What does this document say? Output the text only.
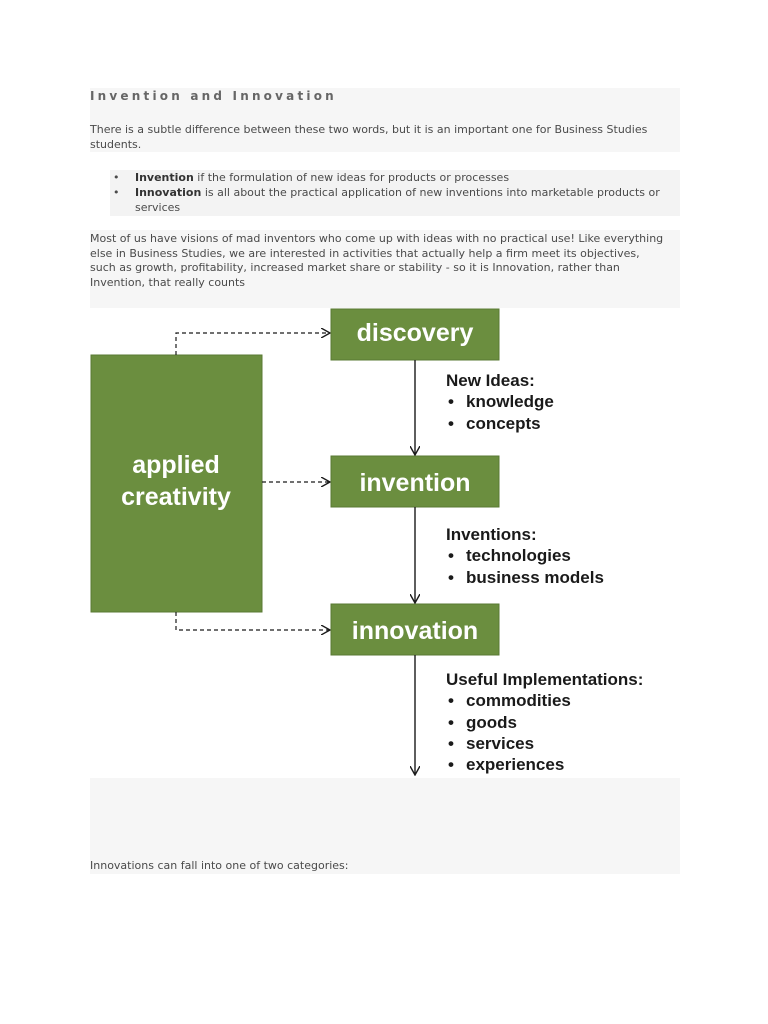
Invention and Innovation

There is a subtle difference between these two words, but it is an important one for Business Studies
students.

• Invention if the formulation of new ideas for products or processes
• Innovation is all about the practical application of new inventions into marketable products or
services

Most of us have visions of mad inventors who come up with ideas with no practical use! Like everything
else in Business Studies, we are interested in activities that actually help a firm meet its objectives,
such as growth, profitability, increased market share or stability - so it is Innovation, rather than
Invention, that really counts

applied
creativity
discovery
invention
innovation
New Ideas:
• knowledge
• concepts
Inventions:
• technologies
• business models
Useful Implementations:
• commodities
• goods
• services
• experiences

Innovations can fall into one of two categories:
